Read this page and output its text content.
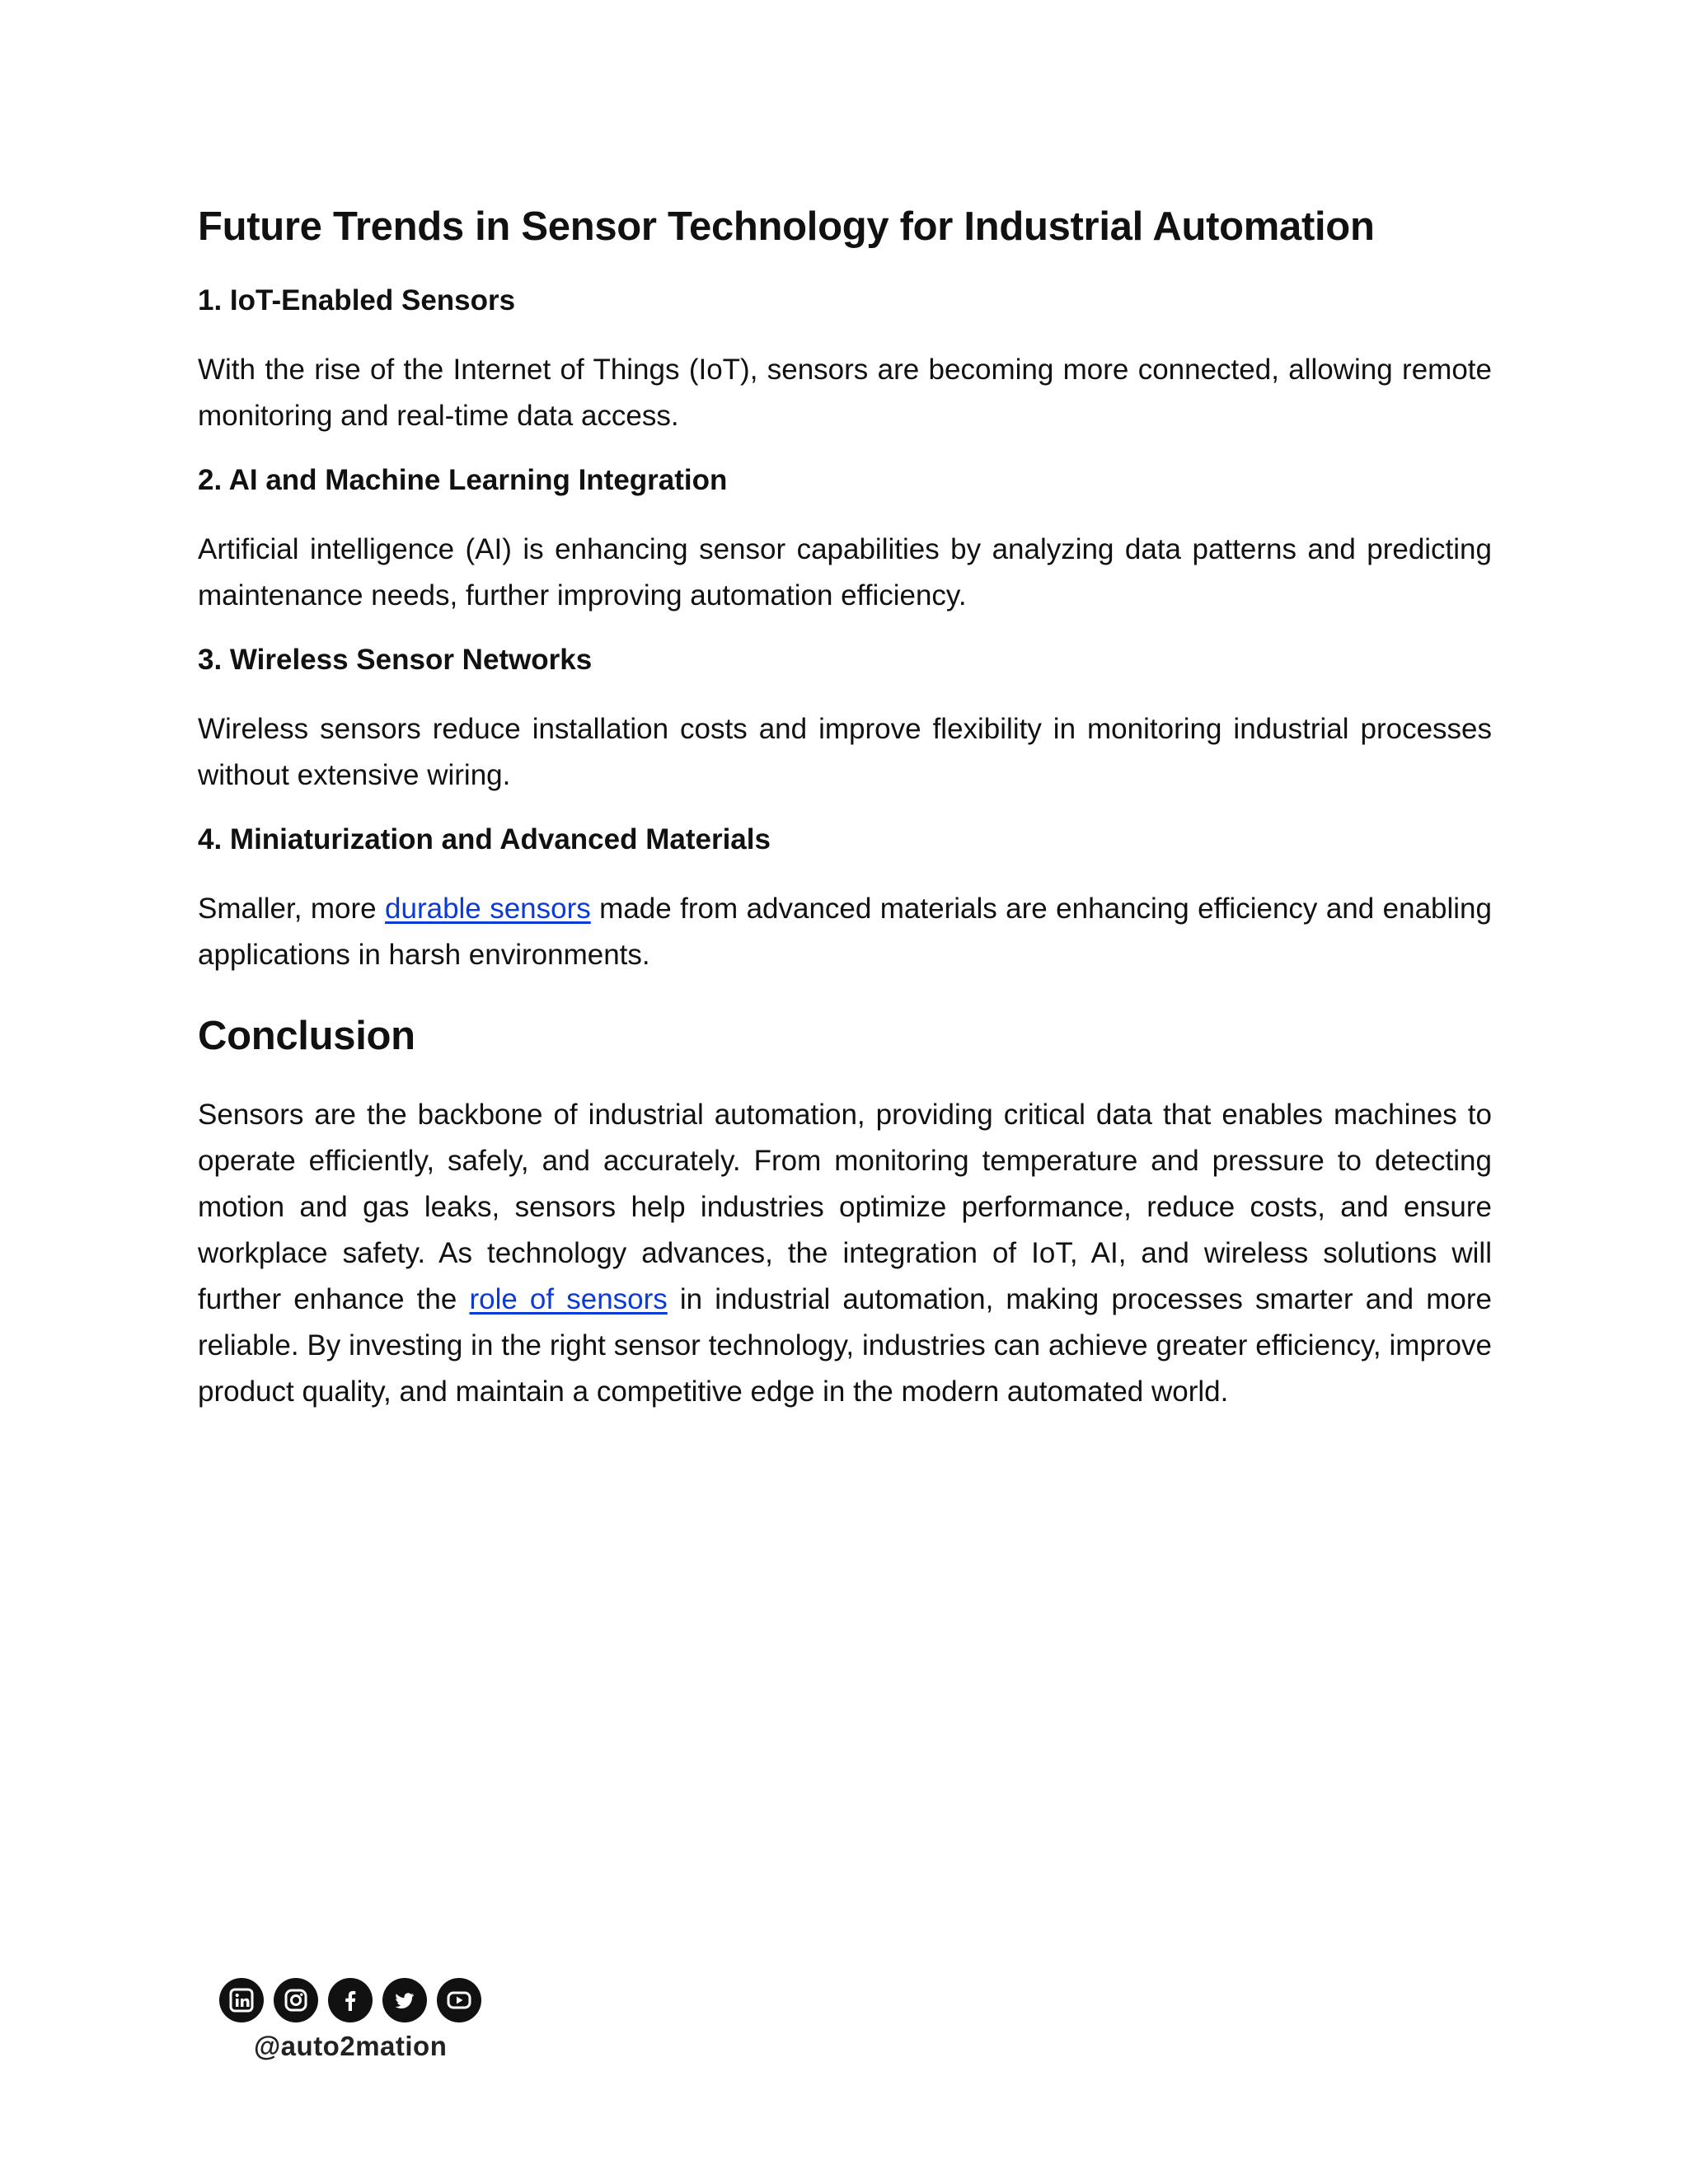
Future Trends in Sensor Technology for Industrial Automation
1. IoT-Enabled Sensors

With the rise of the Internet of Things (IoT), sensors are becoming more connected, allowing remote monitoring and real-time data access.

2. AI and Machine Learning Integration

Artificial intelligence (AI) is enhancing sensor capabilities by analyzing data patterns and predicting maintenance needs, further improving automation efficiency.

3. Wireless Sensor Networks

Wireless sensors reduce installation costs and improve flexibility in monitoring industrial processes without extensive wiring.

4. Miniaturization and Advanced Materials

Smaller, more durable sensors made from advanced materials are enhancing efficiency and enabling applications in harsh environments.

Conclusion

Sensors are the backbone of industrial automation, providing critical data that enables machines to operate efficiently, safely, and accurately. From monitoring temperature and pressure to detecting motion and gas leaks, sensors help industries optimize performance, reduce costs, and ensure workplace safety. As technology advances, the integration of IoT, AI, and wireless solutions will further enhance the role of sensors in industrial automation, making processes smarter and more reliable. By investing in the right sensor technology, industries can achieve greater efficiency, improve product quality, and maintain a competitive edge in the modern automated world.

@auto2mation
